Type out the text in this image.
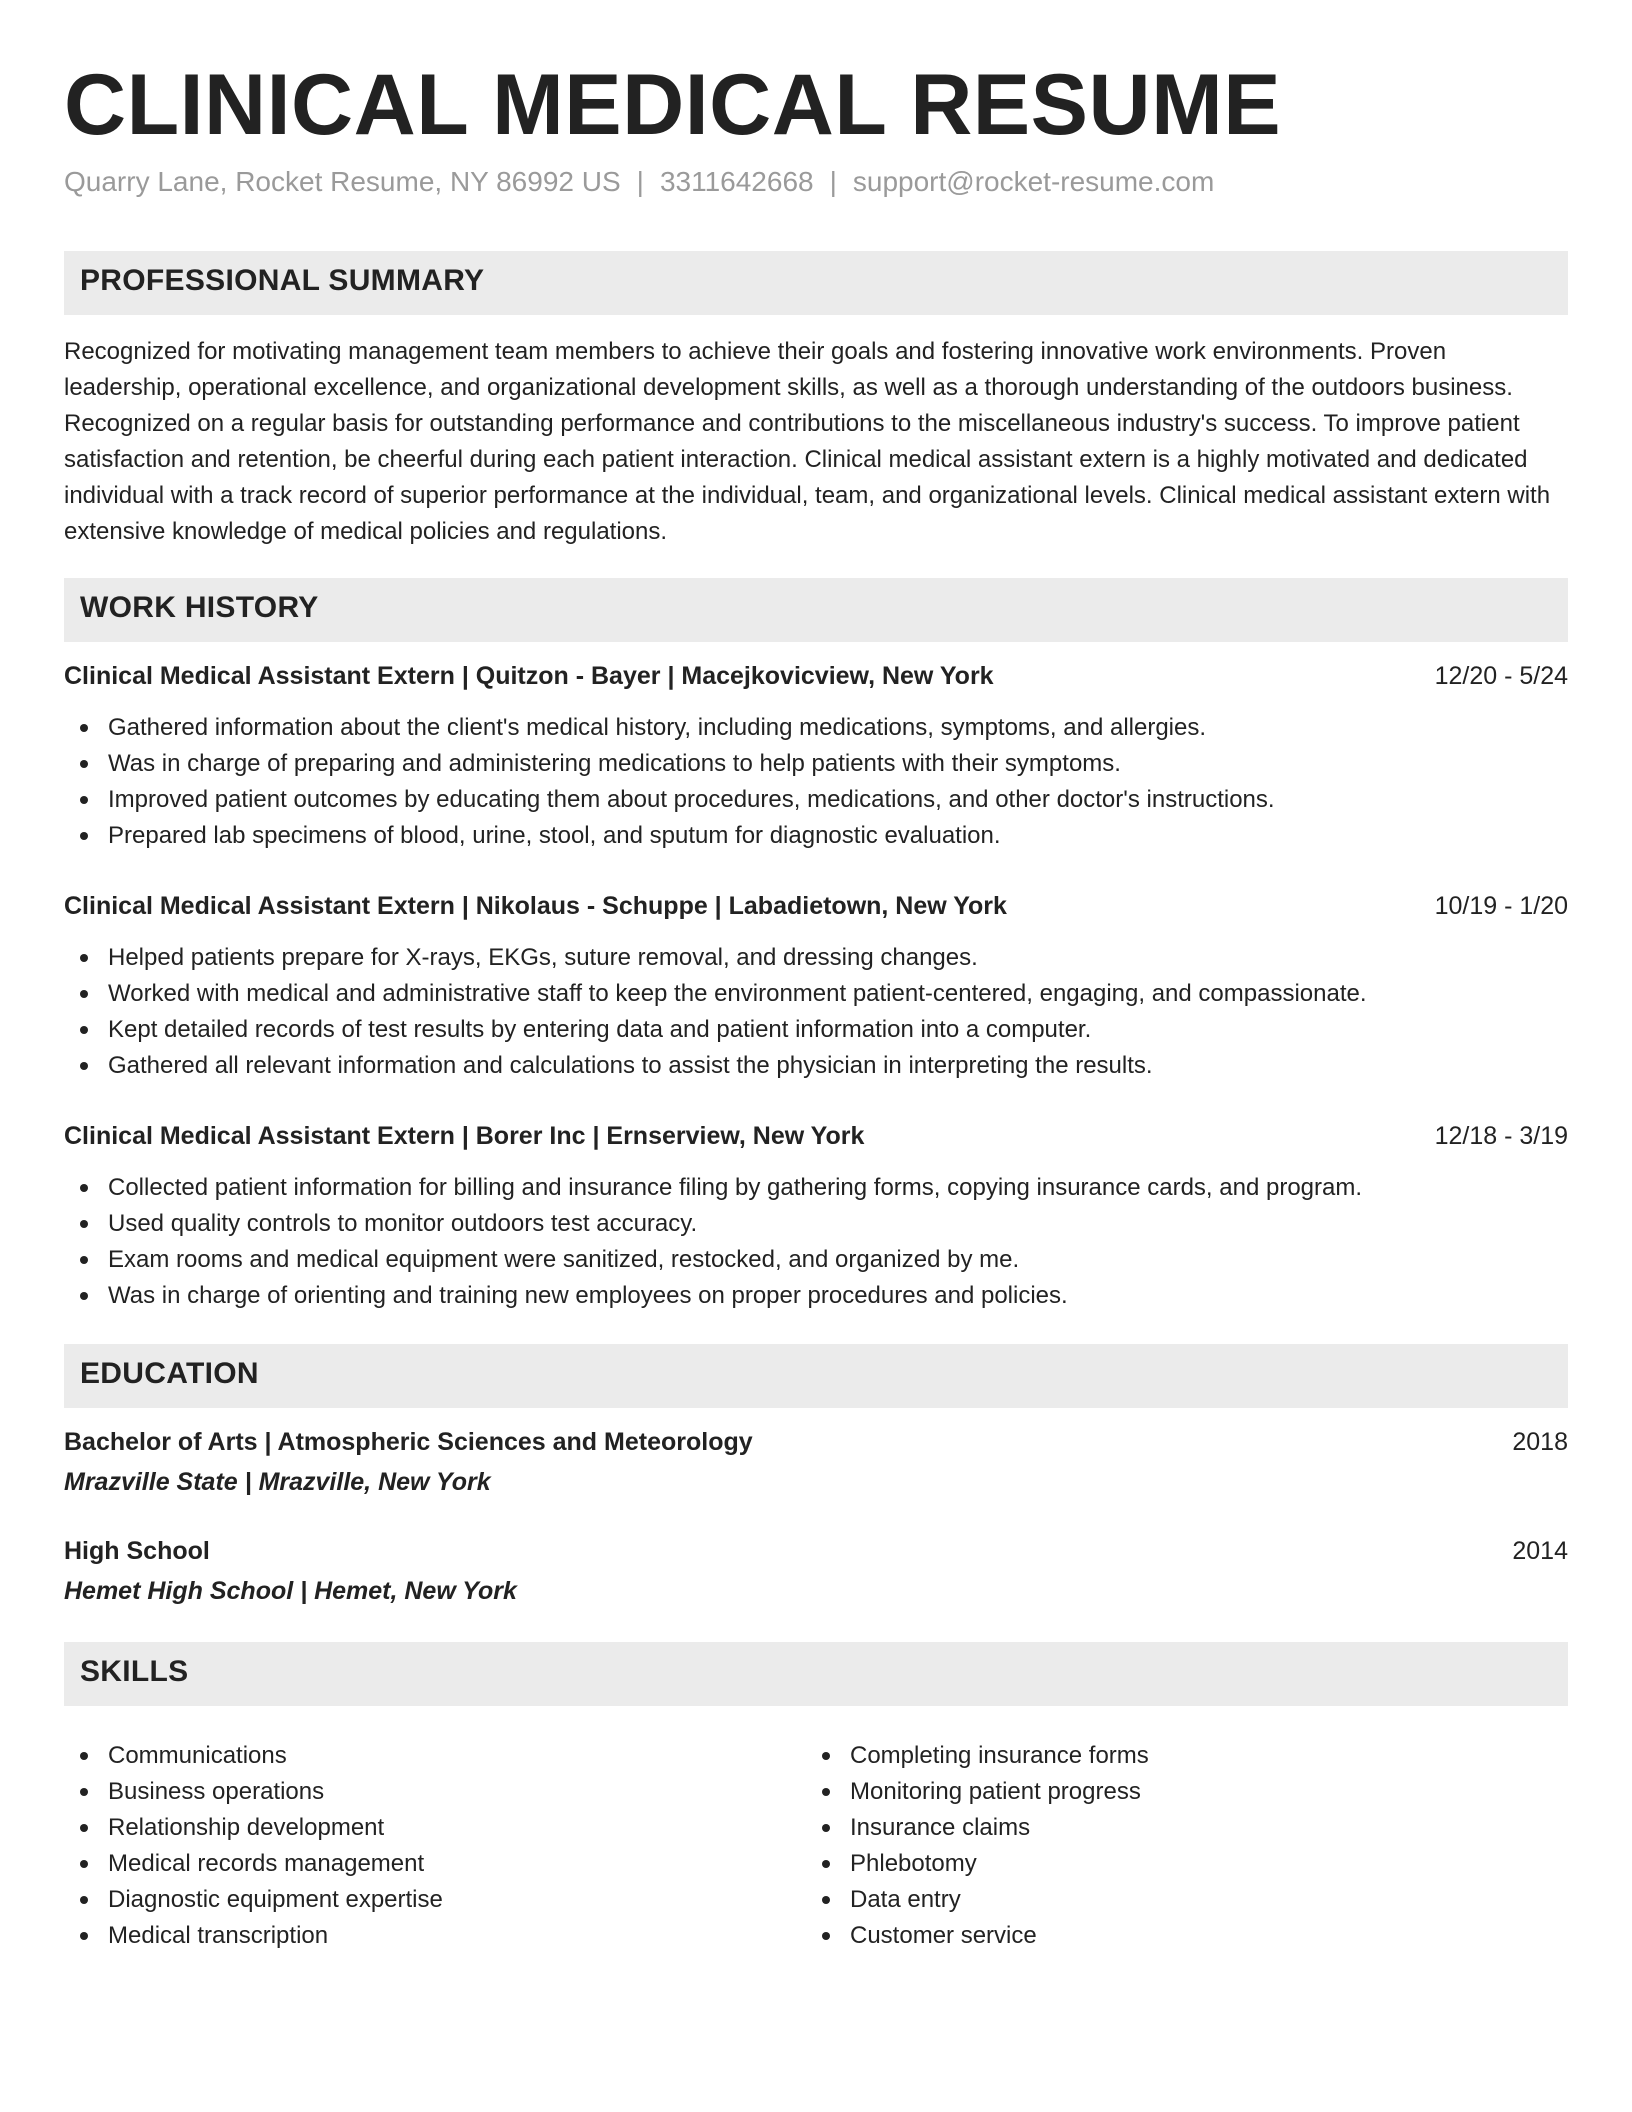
CLINICAL MEDICAL RESUME
Quarry Lane, Rocket Resume, NY 86992 US | 3311642668 | support@rocket-resume.com
PROFESSIONAL SUMMARY

Recognized for motivating management team members to achieve their goals and fostering innovative work environments. Proven leadership, operational excellence, and organizational development skills, as well as a thorough understanding of the outdoors business. Recognized on a regular basis for outstanding performance and contributions to the miscellaneous industry's success. To improve patient satisfaction and retention, be cheerful during each patient interaction. Clinical medical assistant extern is a highly motivated and dedicated individual with a track record of superior performance at the individual, team, and organizational levels. Clinical medical assistant extern with extensive knowledge of medical policies and regulations.

WORK HISTORY
Clinical Medical Assistant Extern | Quitzon - Bayer | Macejkovicview, New York	12/20 - 5/24
Gathered information about the client's medical history, including medications, symptoms, and allergies.
Was in charge of preparing and administering medications to help patients with their symptoms.
Improved patient outcomes by educating them about procedures, medications, and other doctor's instructions.
Prepared lab specimens of blood, urine, stool, and sputum for diagnostic evaluation.
Clinical Medical Assistant Extern | Nikolaus - Schuppe | Labadietown, New York	10/19 - 1/20
Helped patients prepare for X-rays, EKGs, suture removal, and dressing changes.
Worked with medical and administrative staff to keep the environment patient-centered, engaging, and compassionate.
Kept detailed records of test results by entering data and patient information into a computer.
Gathered all relevant information and calculations to assist the physician in interpreting the results.
Clinical Medical Assistant Extern | Borer Inc | Ernserview, New York	12/18 - 3/19
Collected patient information for billing and insurance filing by gathering forms, copying insurance cards, and program.
Used quality controls to monitor outdoors test accuracy.
Exam rooms and medical equipment were sanitized, restocked, and organized by me.
Was in charge of orienting and training new employees on proper procedures and policies.
EDUCATION
Bachelor of Arts | Atmospheric Sciences and Meteorology	2018
Mrazville State | Mrazville, New York
High School	2014
Hemet High School | Hemet, New York
SKILLS
Communications
Business operations
Relationship development
Medical records management
Diagnostic equipment expertise
Medical transcription
Completing insurance forms
Monitoring patient progress
Insurance claims
Phlebotomy
Data entry
Customer service
